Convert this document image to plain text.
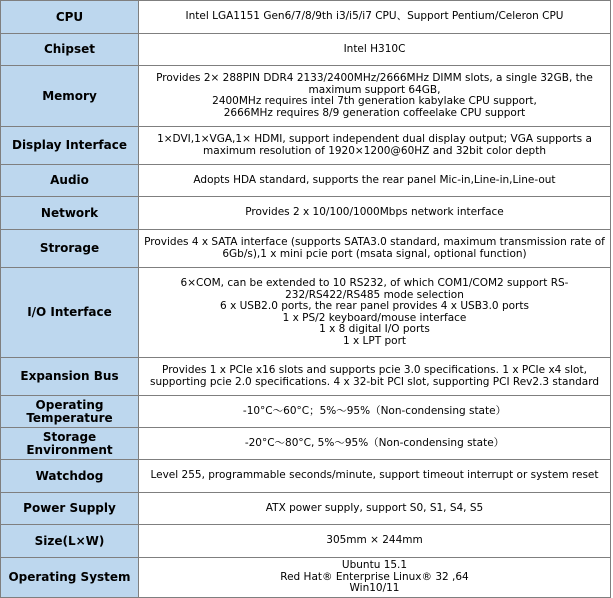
CPU	Intel LGA1151 Gen6/7/8/9th i3/i5/i7 CPU、Support Pentium/Celeron CPU

Chipset	Intel H310C

Memory	Provides 2× 288PIN DDR4 2133/2400MHz/2666MHz DIMM slots, a single 32GB, the maximum support 64GB,
2400MHz requires intel 7th generation kabylake CPU support,
2666MHz requires 8/9 generation coffeelake CPU support

Display Interface	1×DVI,1×VGA,1× HDMI, support independent dual display output; VGA supports a maximum resolution of 1920×1200@60HZ and 32bit color depth

Audio	Adopts HDA standard, supports the rear panel Mic-in,Line-in,Line-out

Network	Provides 2 x 10/100/1000Mbps network interface

Strorage	Provides 4 x SATA interface (supports SATA3.0 standard, maximum transmission rate of 6Gb/s),1 x mini pcie port (msata signal, optional function)

I/O Interface	6×COM, can be extended to 10 RS232, of which COM1/COM2 support RS-232/RS422/RS485 mode selection
6 x USB2.0 ports, the rear panel provides 4 x USB3.0 ports
1 x PS/2 keyboard/mouse interface
1 x 8 digital I/O ports
1 x LPT port

Expansion Bus	Provides 1 x PCIe x16 slots and supports pcie 3.0 specifications. 1 x PCIe x4 slot, supporting pcie 2.0 specifications. 4 x 32-bit PCI slot, supporting PCI Rev2.3 standard

Operating Temperature	-10°C～60°C；5%～95%（Non-condensing state）

Storage Environment	-20°C～80°C, 5%～95%（Non-condensing state）

Watchdog	Level 255, programmable seconds/minute, support timeout interrupt or system reset

Power Supply	ATX power supply, support S0, S1, S4, S5

Size(L×W)	305mm × 244mm

Operating System	Ubuntu 15.1
Red Hat® Enterprise Linux® 32 ,64
Win10/11
